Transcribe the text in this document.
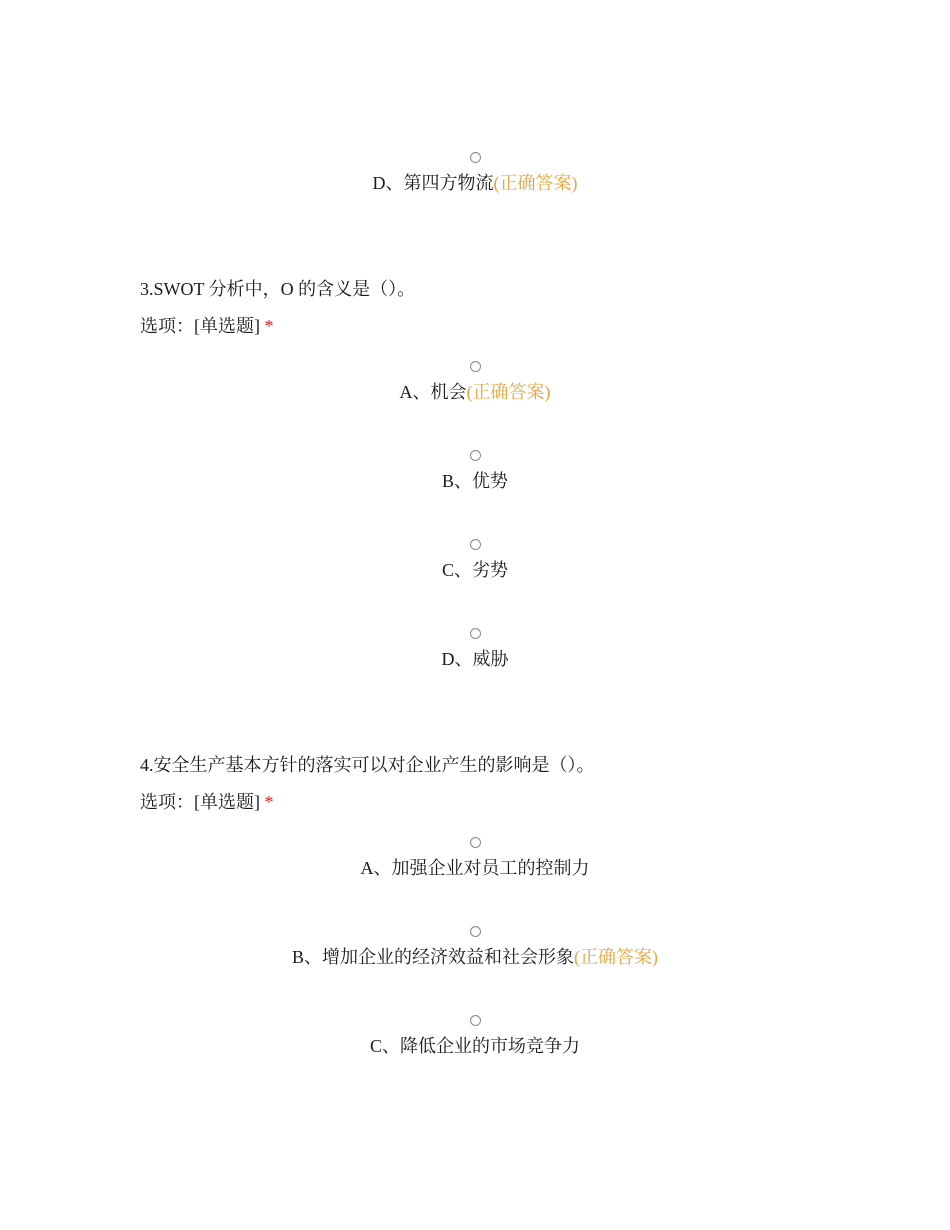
D、第四方物流(正确答案)
3.SWOT 分析中，O 的含义是（）。
选项：[单选题] *
A、机会(正确答案)
B、优势
C、劣势
D、威胁
4.安全生产基本方针的落实可以对企业产生的影响是（）。
选项：[单选题] *
A、加强企业对员工的控制力
B、增加企业的经济效益和社会形象(正确答案)
C、降低企业的市场竞争力
